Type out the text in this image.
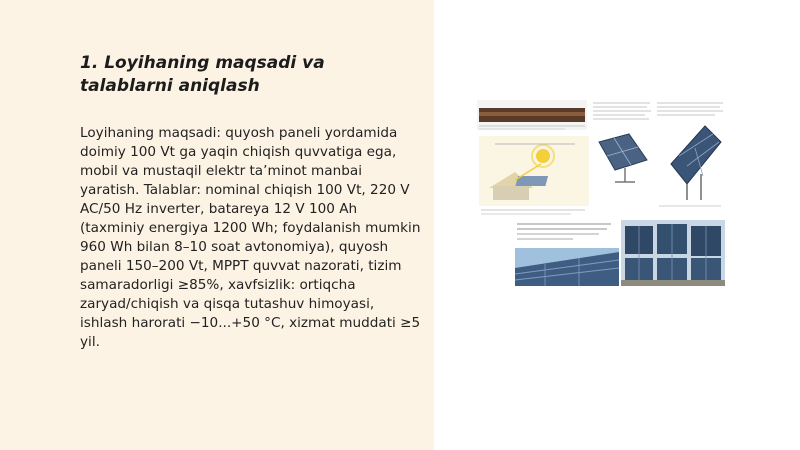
1. Loyihaning maqsadi va talablarni aniqlash

Loyihaning maqsadi: quyosh paneli yordamida doimiy 100 Vt ga yaqin chiqish quvvatiga ega, mobil va mustaqil elektr ta’minot manbai yaratish. Talablar: nominal chiqish 100 Vt, 220 V AC/50 Hz inverter, batareya 12 V 100 Ah (taxminiy energiya 1200 Wh; foydalanish mumkin 960 Wh bilan 8–10 soat avtonomiya), quyosh paneli 150–200 Vt, MPPT quvvat nazorati, tizim samaradorligi ≥85%, xavfsizlik: ortiqcha zaryad/chiqish va qisqa tutashuv himoyasi, ishlash harorati −10...+50 °C, xizmat muddati ≥5 yil.
